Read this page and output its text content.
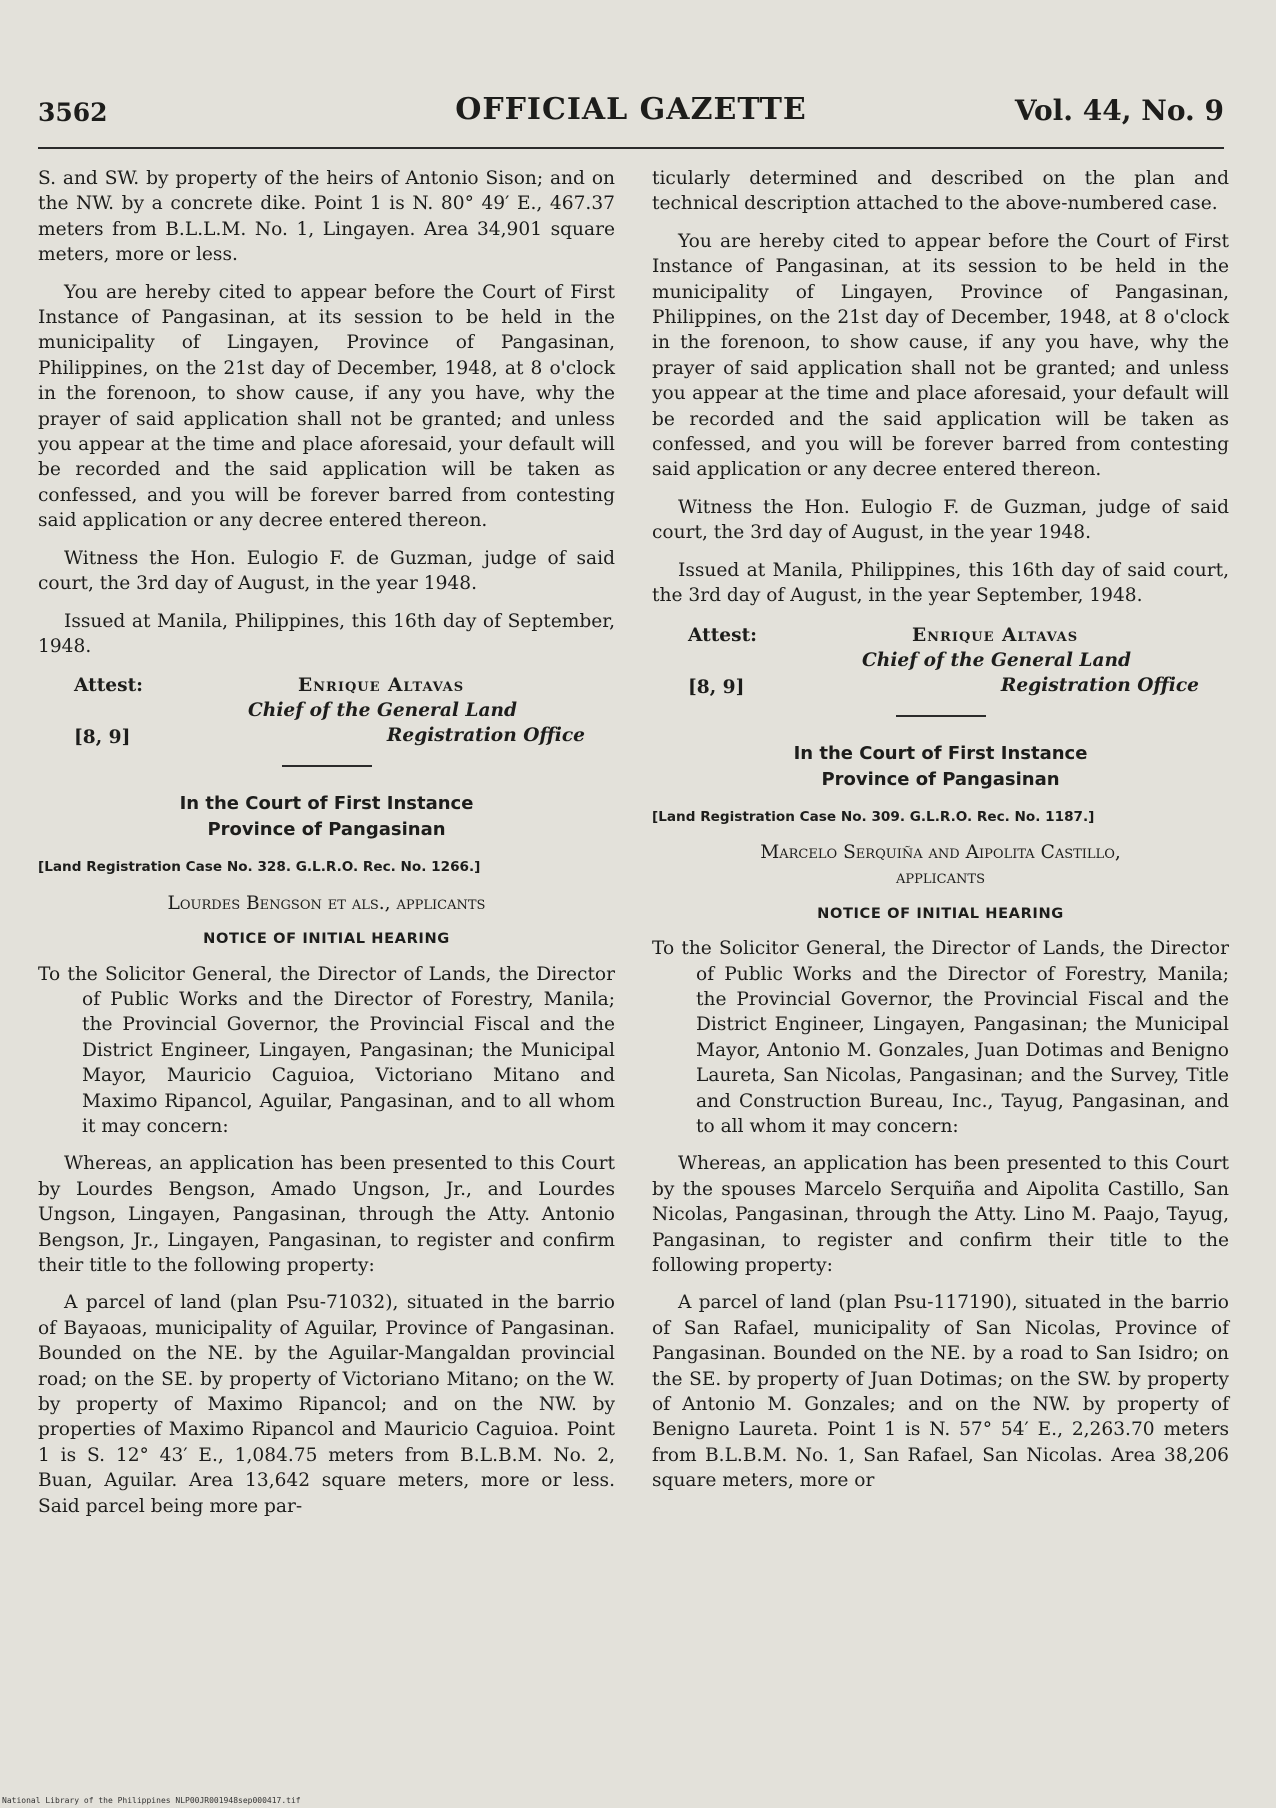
3562	OFFICIAL GAZETTE	Vol. 44, No. 9

S. and SW. by property of the heirs of Antonio Sison; and on the NW. by a concrete dike. Point 1 is N. 80° 49′ E., 467.37 meters from B.L.L.M. No. 1, Lingayen. Area 34,901 square meters, more or less.

You are hereby cited to appear before the Court of First Instance of Pangasinan, at its session to be held in the municipality of Lingayen, Province of Pangasinan, Philippines, on the 21st day of December, 1948, at 8 o'clock in the forenoon, to show cause, if any you have, why the prayer of said application shall not be granted; and unless you appear at the time and place aforesaid, your default will be recorded and the said application will be taken as confessed, and you will be forever barred from contesting said application or any decree entered thereon.

Witness the Hon. Eulogio F. de Guzman, judge of said court, the 3rd day of August, in the year 1948.

Issued at Manila, Philippines, this 16th day of September, 1948.

Attest:	Enrique Altavas
Chief of the General Land
[8, 9]	Registration Office
In the Court of First Instance
Province of Pangasinan
[Land Registration Case No. 328. G.L.R.O. Rec. No. 1266.]
Lourdes Bengson et als., applicants
NOTICE OF INITIAL HEARING

To the Solicitor General, the Director of Lands, the Director of Public Works and the Director of Forestry, Manila; the Provincial Governor, the Provincial Fiscal and the District Engineer, Lingayen, Pangasinan; the Municipal Mayor, Mauricio Caguioa, Victoriano Mitano and Maximo Ripancol, Aguilar, Pangasinan, and to all whom it may concern:

Whereas, an application has been presented to this Court by Lourdes Bengson, Amado Ungson, Jr., and Lourdes Ungson, Lingayen, Pangasinan, through the Atty. Antonio Bengson, Jr., Lingayen, Pangasinan, to register and confirm their title to the following property:

A parcel of land (plan Psu-71032), situated in the barrio of Bayaoas, municipality of Aguilar, Province of Pangasinan. Bounded on the NE. by the Aguilar-Mangaldan provincial road; on the SE. by property of Victoriano Mitano; on the W. by property of Maximo Ripancol; and on the NW. by properties of Maximo Ripancol and Mauricio Caguioa. Point 1 is S. 12° 43′ E., 1,084.75 meters from B.L.B.M. No. 2, Buan, Aguilar. Area 13,642 square meters, more or less. Said parcel being more par-

ticularly determined and described on the plan and technical description attached to the above-numbered case.

You are hereby cited to appear before the Court of First Instance of Pangasinan, at its session to be held in the municipality of Lingayen, Province of Pangasinan, Philippines, on the 21st day of December, 1948, at 8 o'clock in the forenoon, to show cause, if any you have, why the prayer of said application shall not be granted; and unless you appear at the time and place aforesaid, your default will be recorded and the said application will be taken as confessed, and you will be forever barred from contesting said application or any decree entered thereon.

Witness the Hon. Eulogio F. de Guzman, judge of said court, the 3rd day of August, in the year 1948.

Issued at Manila, Philippines, this 16th day of said court, the 3rd day of August, in the year September, 1948.

Attest:	Enrique Altavas
Chief of the General Land
[8, 9]	Registration Office
In the Court of First Instance
Province of Pangasinan
[Land Registration Case No. 309. G.L.R.O. Rec. No. 1187.]
Marcelo Serquiña and Aipolita Castillo,
applicants
NOTICE OF INITIAL HEARING

To the Solicitor General, the Director of Lands, the Director of Public Works and the Director of Forestry, Manila; the Provincial Governor, the Provincial Fiscal and the District Engineer, Lingayen, Pangasinan; the Municipal Mayor, Antonio M. Gonzales, Juan Dotimas and Benigno Laureta, San Nicolas, Pangasinan; and the Survey, Title and Construction Bureau, Inc., Tayug, Pangasinan, and to all whom it may concern:

Whereas, an application has been presented to this Court by the spouses Marcelo Serquiña and Aipolita Castillo, San Nicolas, Pangasinan, through the Atty. Lino M. Paajo, Tayug, Pangasinan, to register and confirm their title to the following property:

A parcel of land (plan Psu-117190), situated in the barrio of San Rafael, municipality of San Nicolas, Province of Pangasinan. Bounded on the NE. by a road to San Isidro; on the SE. by property of Juan Dotimas; on the SW. by property of Antonio M. Gonzales; and on the NW. by property of Benigno Laureta. Point 1 is N. 57° 54′ E., 2,263.70 meters from B.L.B.M. No. 1, San Rafael, San Nicolas. Area 38,206 square meters, more or

National Library of the Philippines NLP00JR001948sep000417.tif
